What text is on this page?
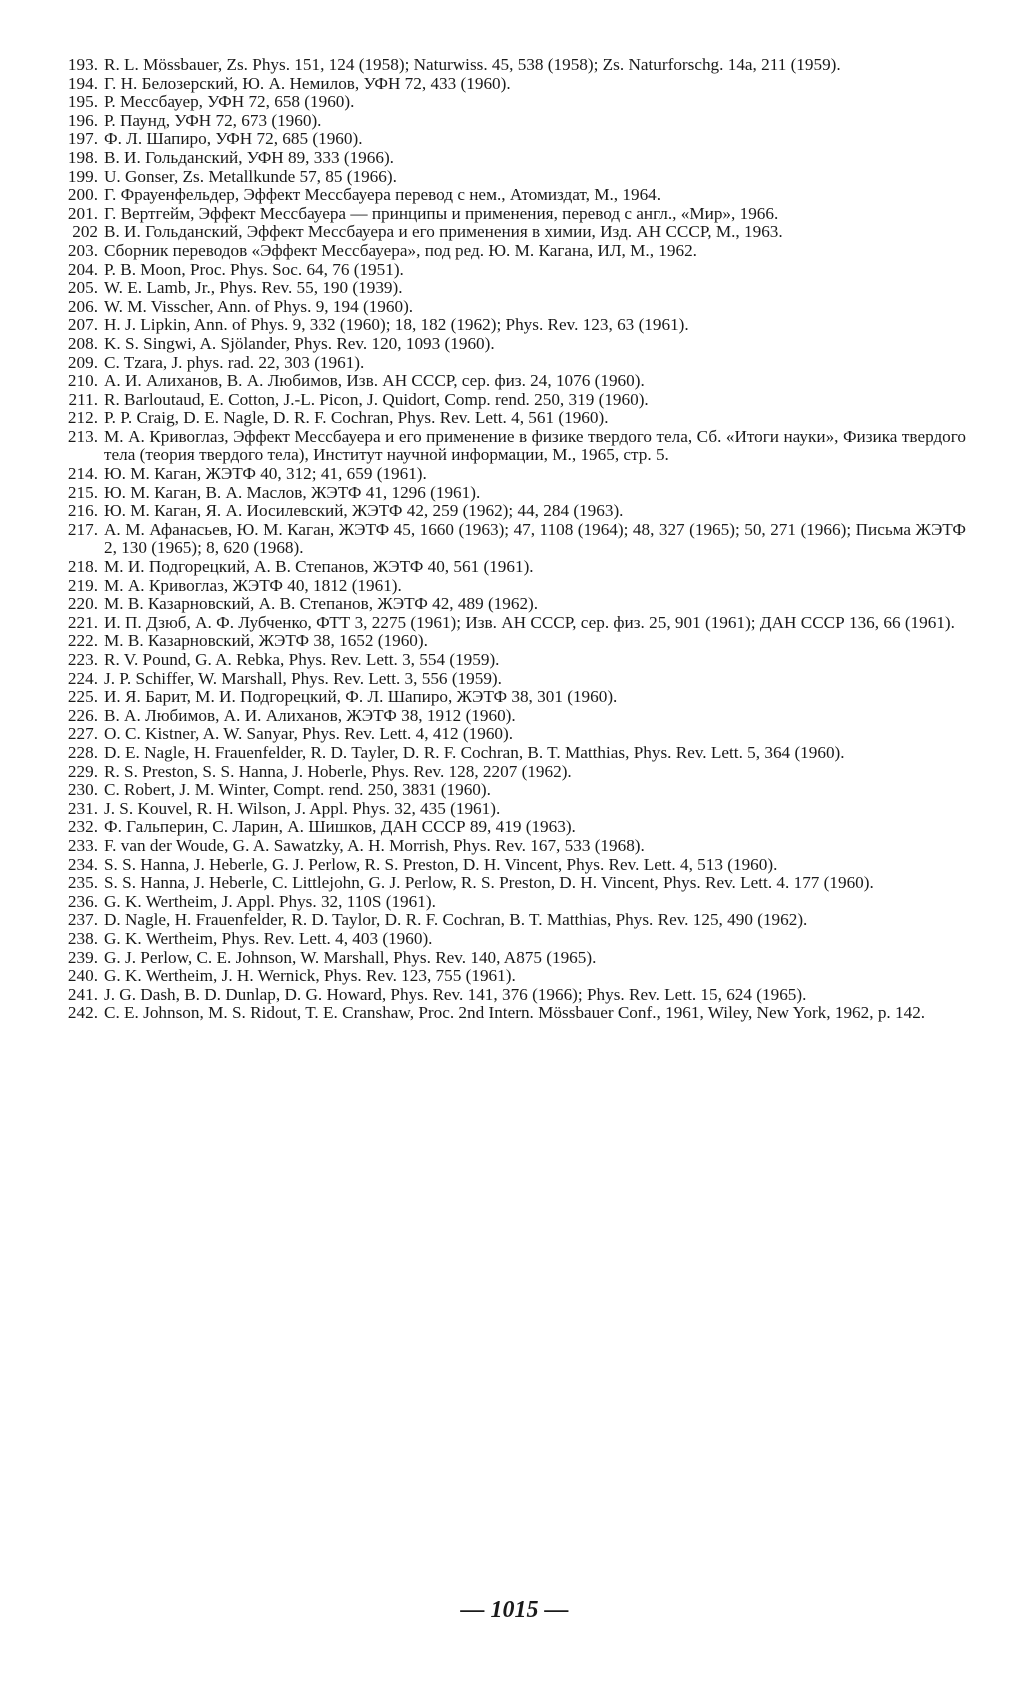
193. R. L. Mössbauer, Zs. Phys. 151, 124 (1958); Naturwiss. 45, 538 (1958); Zs. Naturforschg. 14a, 211 (1959).
194. Г. Н. Белозерский, Ю. А. Немилов, УФН 72, 433 (1960).
195. Р. Мессбауер, УФН 72, 658 (1960).
196. Р. Паунд, УФН 72, 673 (1960).
197. Ф. Л. Шапиро, УФН 72, 685 (1960).
198. В. И. Гольданский, УФН 89, 333 (1966).
199. U. Gonser, Zs. Metallkunde 57, 85 (1966).
200. Г. Фрауенфельдер, Эффект Мессбауера перевод с нем., Атомиздат, М., 1964.
201. Г. Вертгейм, Эффект Мессбауера — принципы и применения, перевод с англ., «Мир», 1966.
202 В. И. Гольданский, Эффект Мессбауера и его применения в химии, Изд. АН СССР, М., 1963.
203. Сборник переводов «Эффект Мессбауера», под ред. Ю. М. Кагана, ИЛ, М., 1962.
204. P. B. Moon, Proc. Phys. Soc. 64, 76 (1951).
205. W. E. Lamb, Jr., Phys. Rev. 55, 190 (1939).
206. W. M. Visscher, Ann. of Phys. 9, 194 (1960).
207. H. J. Lipkin, Ann. of Phys. 9, 332 (1960); 18, 182 (1962); Phys. Rev. 123, 63 (1961).
208. K. S. Singwi, A. Sjölander, Phys. Rev. 120, 1093 (1960).
209. C. Tzara, J. phys. rad. 22, 303 (1961).
210. А. И. Алиханов, В. А. Любимов, Изв. АН СССР, сер. физ. 24, 1076 (1960).
211. R. Barloutaud, E. Cotton, J.-L. Picon, J. Quidort, Comp. rend. 250, 319 (1960).
212. P. P. Craig, D. E. Nagle, D. R. F. Cochran, Phys. Rev. Lett. 4, 561 (1960).
213. М. А. Кривоглаз, Эффект Мессбауера и его применение в физике твердого тела, Сб. «Итоги науки», Физика твердого тела (теория твердого тела), Институт научной информации, М., 1965, стр. 5.
214. Ю. М. Каган, ЖЭТФ 40, 312; 41, 659 (1961).
215. Ю. М. Каган, В. А. Маслов, ЖЭТФ 41, 1296 (1961).
216. Ю. М. Каган, Я. А. Иосилевский, ЖЭТФ 42, 259 (1962); 44, 284 (1963).
217. А. М. Афанасьев, Ю. М. Каган, ЖЭТФ 45, 1660 (1963); 47, 1108 (1964); 48, 327 (1965); 50, 271 (1966); Письма ЖЭТФ 2, 130 (1965); 8, 620 (1968).
218. М. И. Подгорецкий, А. В. Степанов, ЖЭТФ 40, 561 (1961).
219. М. А. Кривоглаз, ЖЭТФ 40, 1812 (1961).
220. М. В. Казарновский, А. В. Степанов, ЖЭТФ 42, 489 (1962).
221. И. П. Дзюб, А. Ф. Лубченко, ФТТ 3, 2275 (1961); Изв. АН СССР, сер. физ. 25, 901 (1961); ДАН СССР 136, 66 (1961).
222. М. В. Казарновский, ЖЭТФ 38, 1652 (1960).
223. R. V. Pound, G. A. Rebka, Phys. Rev. Lett. 3, 554 (1959).
224. J. P. Schiffer, W. Marshall, Phys. Rev. Lett. 3, 556 (1959).
225. И. Я. Барит, М. И. Подгорецкий, Ф. Л. Шапиро, ЖЭТФ 38, 301 (1960).
226. В. А. Любимов, А. И. Алиханов, ЖЭТФ 38, 1912 (1960).
227. O. C. Kistner, A. W. Sanyar, Phys. Rev. Lett. 4, 412 (1960).
228. D. E. Nagle, H. Frauenfelder, R. D. Tayler, D. R. F. Cochran, B. T. Matthias, Phys. Rev. Lett. 5, 364 (1960).
229. R. S. Preston, S. S. Hanna, J. Hoberle, Phys. Rev. 128, 2207 (1962).
230. C. Robert, J. M. Winter, Compt. rend. 250, 3831 (1960).
231. J. S. Kouvel, R. H. Wilson, J. Appl. Phys. 32, 435 (1961).
232. Ф. Гальперин, С. Ларин, А. Шишков, ДАН СССР 89, 419 (1963).
233. F. van der Woude, G. A. Sawatzky, A. H. Morrish, Phys. Rev. 167, 533 (1968).
234. S. S. Hanna, J. Heberle, G. J. Perlow, R. S. Preston, D. H. Vincent, Phys. Rev. Lett. 4, 513 (1960).
235. S. S. Hanna, J. Heberle, C. Littlejohn, G. J. Perlow, R. S. Preston, D. H. Vincent, Phys. Rev. Lett. 4. 177 (1960).
236. G. K. Wertheim, J. Appl. Phys. 32, 110S (1961).
237. D. Nagle, H. Frauenfelder, R. D. Taylor, D. R. F. Cochran, B. T. Matthias, Phys. Rev. 125, 490 (1962).
238. G. K. Wertheim, Phys. Rev. Lett. 4, 403 (1960).
239. G. J. Perlow, C. E. Johnson, W. Marshall, Phys. Rev. 140, A875 (1965).
240. G. K. Wertheim, J. H. Wernick, Phys. Rev. 123, 755 (1961).
241. J. G. Dash, B. D. Dunlap, D. G. Howard, Phys. Rev. 141, 376 (1966); Phys. Rev. Lett. 15, 624 (1965).
242. C. E. Johnson, M. S. Ridout, T. E. Cranshaw, Proc. 2nd Intern. Mössbauer Conf., 1961, Wiley, New York, 1962, p. 142.
— 1015 —
